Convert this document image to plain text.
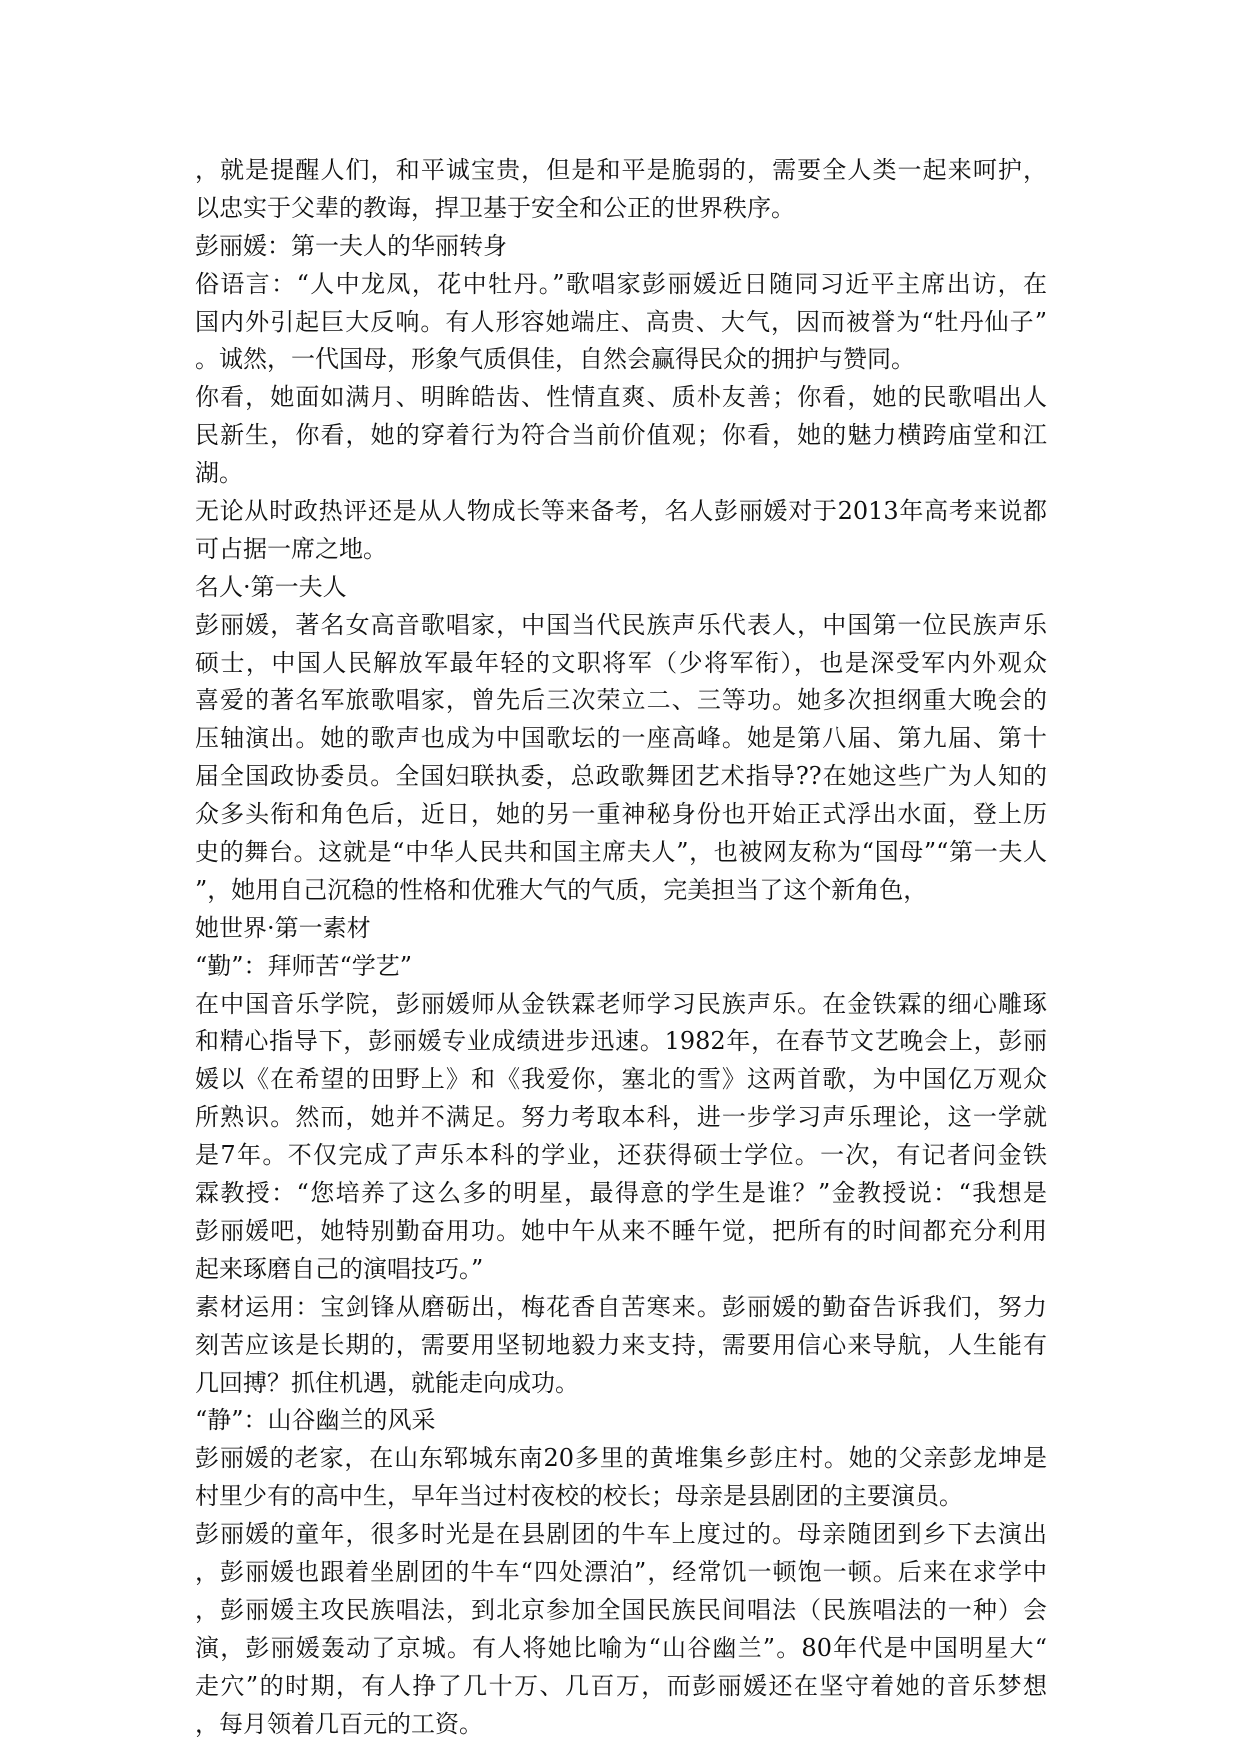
，就是提醒人们，和平诚宝贵，但是和平是脆弱的，需要全人类一起来呵护，
以忠实于父辈的教诲，捍卫基于安全和公正的世界秩序。
彭丽媛：第一夫人的华丽转身
俗语言：“人中龙凤，花中牡丹。”歌唱家彭丽媛近日随同习近平主席出访，在
国内外引起巨大反响。有人形容她端庄、高贵、大气，因而被誉为“牡丹仙子”
。诚然，一代国母，形象气质俱佳，自然会赢得民众的拥护与赞同。
你看，她面如满月、明眸皓齿、性情直爽、质朴友善；你看，她的民歌唱出人
民新生，你看，她的穿着行为符合当前价值观；你看，她的魅力横跨庙堂和江
湖。
无论从时政热评还是从人物成长等来备考，名人彭丽媛对于2013年高考来说都
可占据一席之地。
名人·第一夫人
彭丽媛，著名女高音歌唱家，中国当代民族声乐代表人，中国第一位民族声乐
硕士，中国人民解放军最年轻的文职将军（少将军衔），也是深受军内外观众
喜爱的著名军旅歌唱家，曾先后三次荣立二、三等功。她多次担纲重大晚会的
压轴演出。她的歌声也成为中国歌坛的一座高峰。她是第八届、第九届、第十
届全国政协委员。全国妇联执委，总政歌舞团艺术指导??在她这些广为人知的
众多头衔和角色后，近日，她的另一重神秘身份也开始正式浮出水面，登上历
史的舞台。这就是“中华人民共和国主席夫人”，也被网友称为“国母”“第一夫人
”，她用自己沉稳的性格和优雅大气的气质，完美担当了这个新角色，
她世界·第一素材
“勤”：拜师苦“学艺”
在中国音乐学院，彭丽媛师从金铁霖老师学习民族声乐。在金铁霖的细心雕琢
和精心指导下，彭丽媛专业成绩进步迅速。1982年，在春节文艺晚会上，彭丽
媛以《在希望的田野上》和《我爱你，塞北的雪》这两首歌，为中国亿万观众
所熟识。然而，她并不满足。努力考取本科，进一步学习声乐理论，这一学就
是7年。不仅完成了声乐本科的学业，还获得硕士学位。一次，有记者问金铁
霖教授：“您培养了这么多的明星，最得意的学生是谁？”金教授说：“我想是
彭丽媛吧，她特别勤奋用功。她中午从来不睡午觉，把所有的时间都充分利用
起来琢磨自己的演唱技巧。”
素材运用：宝剑锋从磨砺出，梅花香自苦寒来。彭丽媛的勤奋告诉我们，努力
刻苦应该是长期的，需要用坚韧地毅力来支持，需要用信心来导航，人生能有
几回搏？抓住机遇，就能走向成功。
“静”：山谷幽兰的风采
彭丽媛的老家，在山东郓城东南20多里的黄堆集乡彭庄村。她的父亲彭龙坤是
村里少有的高中生，早年当过村夜校的校长；母亲是县剧团的主要演员。
彭丽媛的童年，很多时光是在县剧团的牛车上度过的。母亲随团到乡下去演出
，彭丽媛也跟着坐剧团的牛车“四处漂泊”，经常饥一顿饱一顿。后来在求学中
，彭丽媛主攻民族唱法，到北京参加全国民族民间唱法（民族唱法的一种）会
演，彭丽媛轰动了京城。有人将她比喻为“山谷幽兰”。80年代是中国明星大“
走穴”的时期，有人挣了几十万、几百万，而彭丽媛还在坚守着她的音乐梦想
，每月领着几百元的工资。
